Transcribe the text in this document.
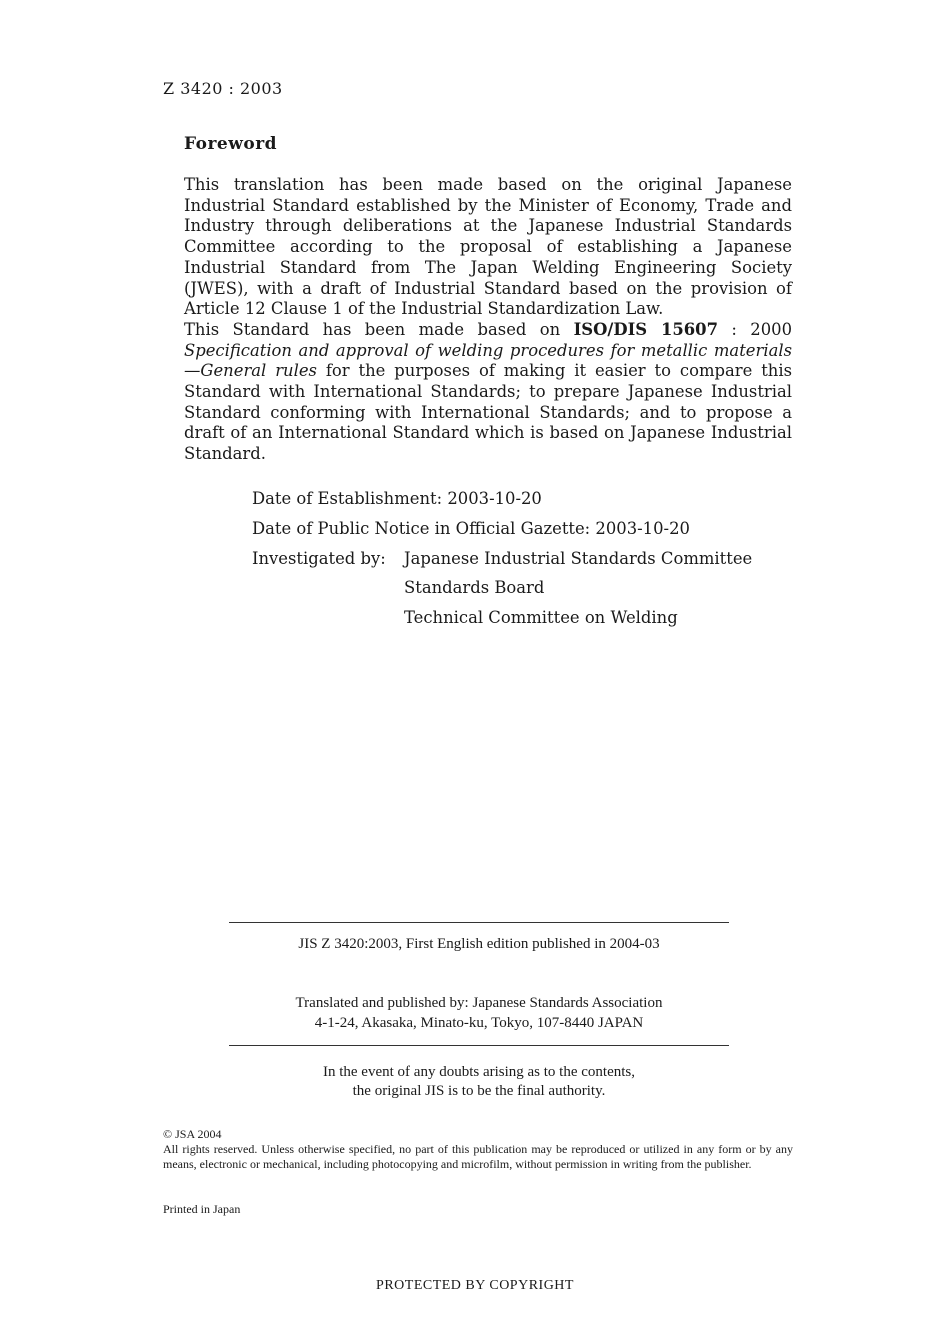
Z 3420 : 2003
Foreword

This translation has been made based on the original Japanese Industrial Standard established by the Minister of Economy, Trade and Industry through deliberations at the Japanese Industrial Standards Committee according to the proposal of establishing a Japanese Industrial Standard from The Japan Welding Engineering Society (JWES), with a draft of Industrial Standard based on the provision of Article 12 Clause 1 of the Industrial Standardization Law.

This Standard has been made based on ISO/DIS 15607 : 2000 Specification and approval of welding procedures for metallic materials—General rules for the purposes of making it easier to compare this Standard with International Standards; to prepare Japanese Industrial Standard conforming with International Standards; and to propose a draft of an International Standard which is based on Japanese Industrial Standard.

Date of Establishment: 2003-10-20
Date of Public Notice in Official Gazette: 2003-10-20
Investigated by: Japanese Industrial Standards Committee
Standards Board
Technical Committee on Welding
JIS Z 3420:2003, First English edition published in 2004-03
Translated and published by: Japanese Standards Association
4-1-24, Akasaka, Minato-ku, Tokyo, 107-8440 JAPAN
In the event of any doubts arising as to the contents,
the original JIS is to be the final authority.
© JSA 2004
All rights reserved. Unless otherwise specified, no part of this publication may be reproduced or utilized in any form or by any means, electronic or mechanical, including photocopying and microfilm, without permission in writing from the publisher.
Printed in Japan
PROTECTED BY COPYRIGHT
